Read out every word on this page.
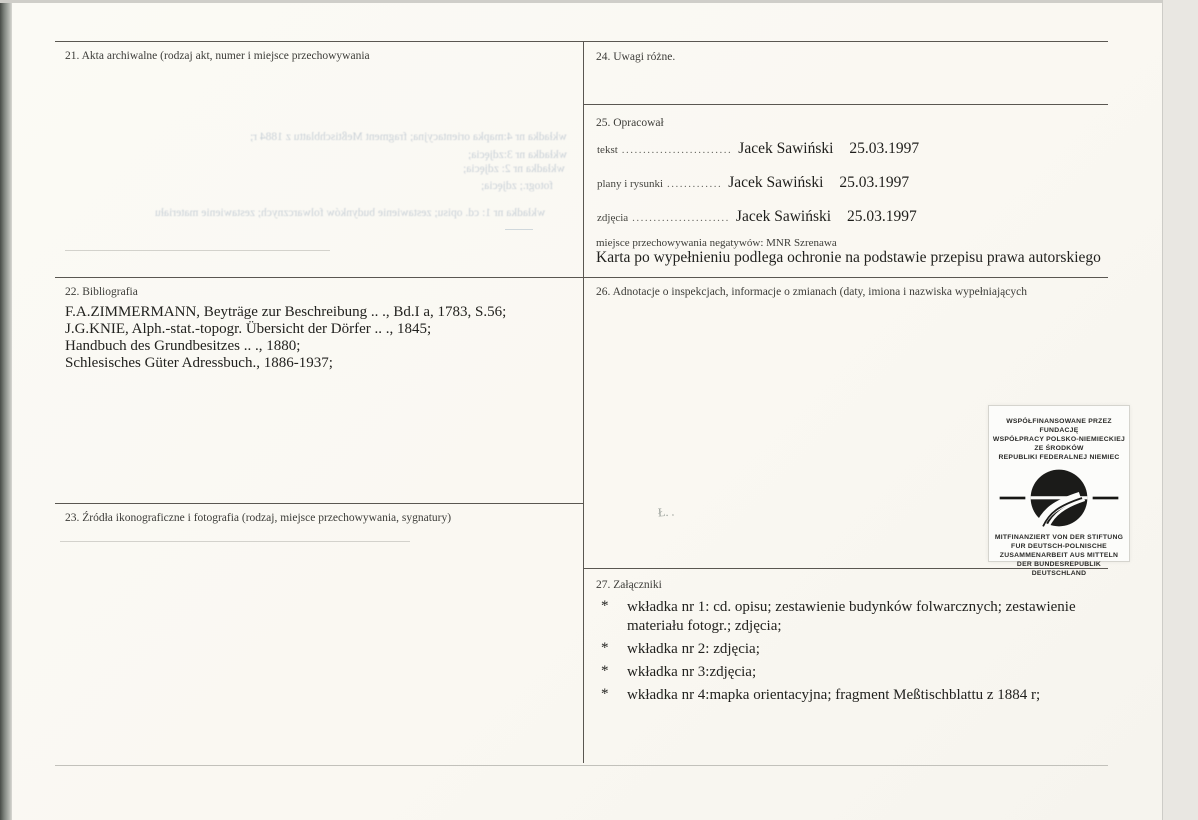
wkładka nr 4:mapka orientacyjna; fragment Meßtischblattu z 1884 r;
wkładka nr 3:zdjęcia;
wkładka nr 2: zdjęcia;
fotogr.; zdjęcia;
wkładka nr 1: cd. opisu; zestawienie budynków folwarcznych; zestawienie materiału
21. Akta archiwalne (rodzaj akt, numer i miejsce przechowywania
22. Bibliografia
F.A.ZIMMERMANN, Beyträge zur Beschreibung .. ., Bd.I a, 1783, S.56;
J.G.KNIE, Alph.-stat.-topogr. Übersicht der Dörfer .. ., 1845;
Handbuch des Grundbesitzes .. ., 1880;
Schlesisches Güter Adressbuch., 1886-1937;
23. Źródła ikonograficzne i fotografia (rodzaj, miejsce przechowywania, sygnatury)	Ł. .
24. Uwagi różne.
25. Opracował
tekst .......................... Jacek Sawiński 25.03.1997
plany i rysunki ............. Jacek Sawiński 25.03.1997
zdjęcia ....................... Jacek Sawiński 25.03.1997
miejsce przechowywania negatywów: MNR Szrenawa
Karta po wypełnieniu podlega ochronie na podstawie przepisu prawa autorskiego
26. Adnotacje o inspekcjach, informacje o zmianach (daty, imiona i nazwiska wypełniających
27. Załączniki
*	wkładka nr 1: cd. opisu; zestawienie budynków folwarcznych; zestawienie materiału fotogr.; zdjęcia;
*	wkładka nr 2: zdjęcia;
*	wkładka nr 3:zdjęcia;
*	wkładka nr 4:mapka orientacyjna; fragment Meßtischblattu z 1884 r;
WSPÓŁFINANSOWANE PRZEZ FUNDACJĘ
WSPÓŁPRACY POLSKO-NIEMIECKIEJ
ZE ŚRODKÓW
REPUBLIKI FEDERALNEJ NIEMIEC
MITFINANZIERT VON DER STIFTUNG
FUR DEUTSCH-POLNISCHE
ZUSAMMENARBEIT AUS MITTELN
DER BUNDESREPUBLIK DEUTSCHLAND
